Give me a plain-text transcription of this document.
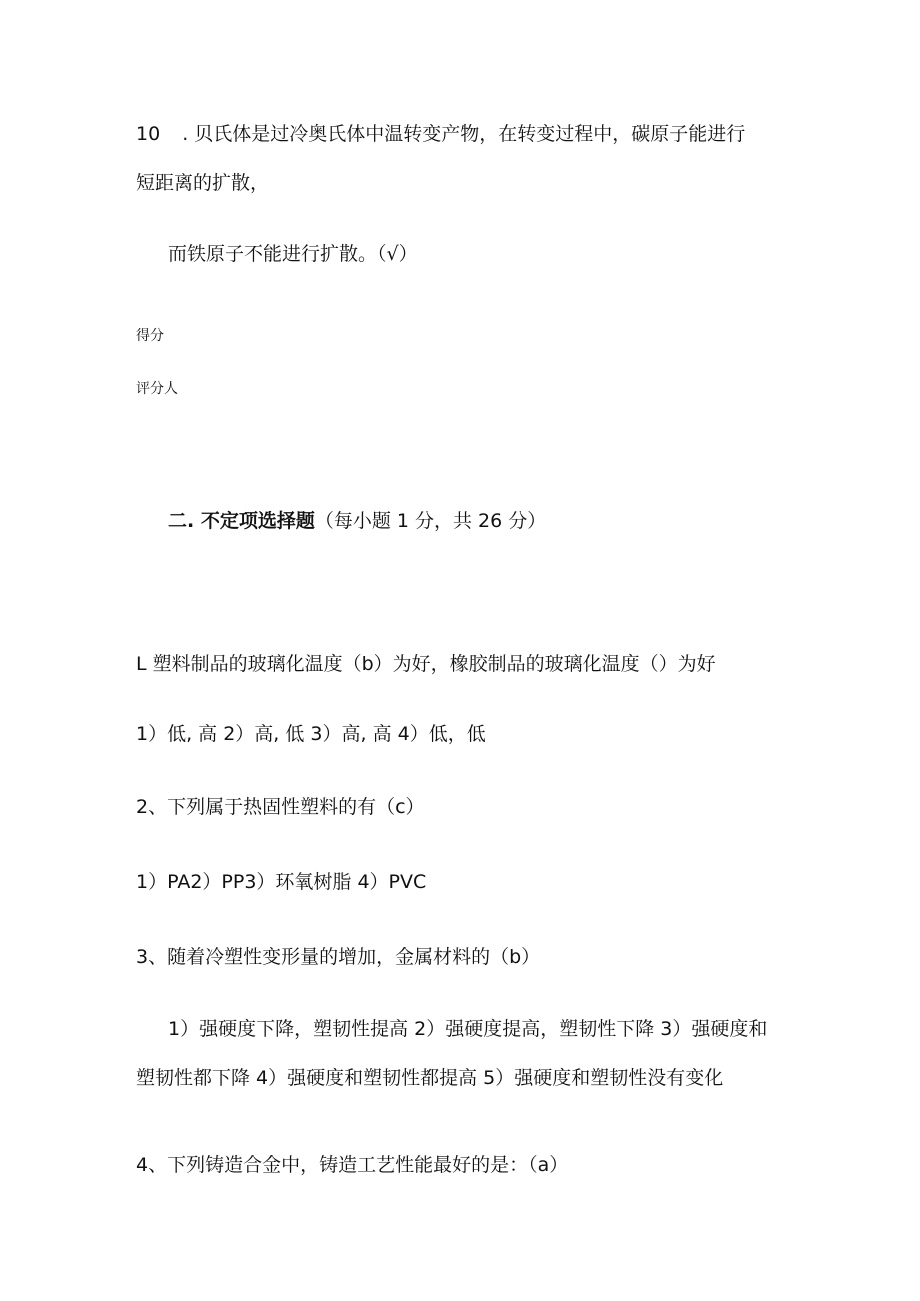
10 . 贝氏体是过冷奥氏体中温转变产物，在转变过程中，碳原子能进行
短距离的扩散，
而铁原子不能进行扩散。（√）
得分
评分人
二. 不定项选择题（每小题 1 分，共 26 分）
L 塑料制品的玻璃化温度（b）为好，橡胶制品的玻璃化温度（）为好
1）低, 高 2）高, 低 3）高, 高 4）低，低
2、下列属于热固性塑料的有（c）
1）PA2）PP3）环氧树脂 4）PVC
3、随着冷塑性变形量的增加，金属材料的（b）
1）强硬度下降，塑韧性提高 2）强硬度提高，塑韧性下降 3）强硬度和
塑韧性都下降 4）强硬度和塑韧性都提高 5）强硬度和塑韧性没有变化
4、下列铸造合金中，铸造工艺性能最好的是：（a）
